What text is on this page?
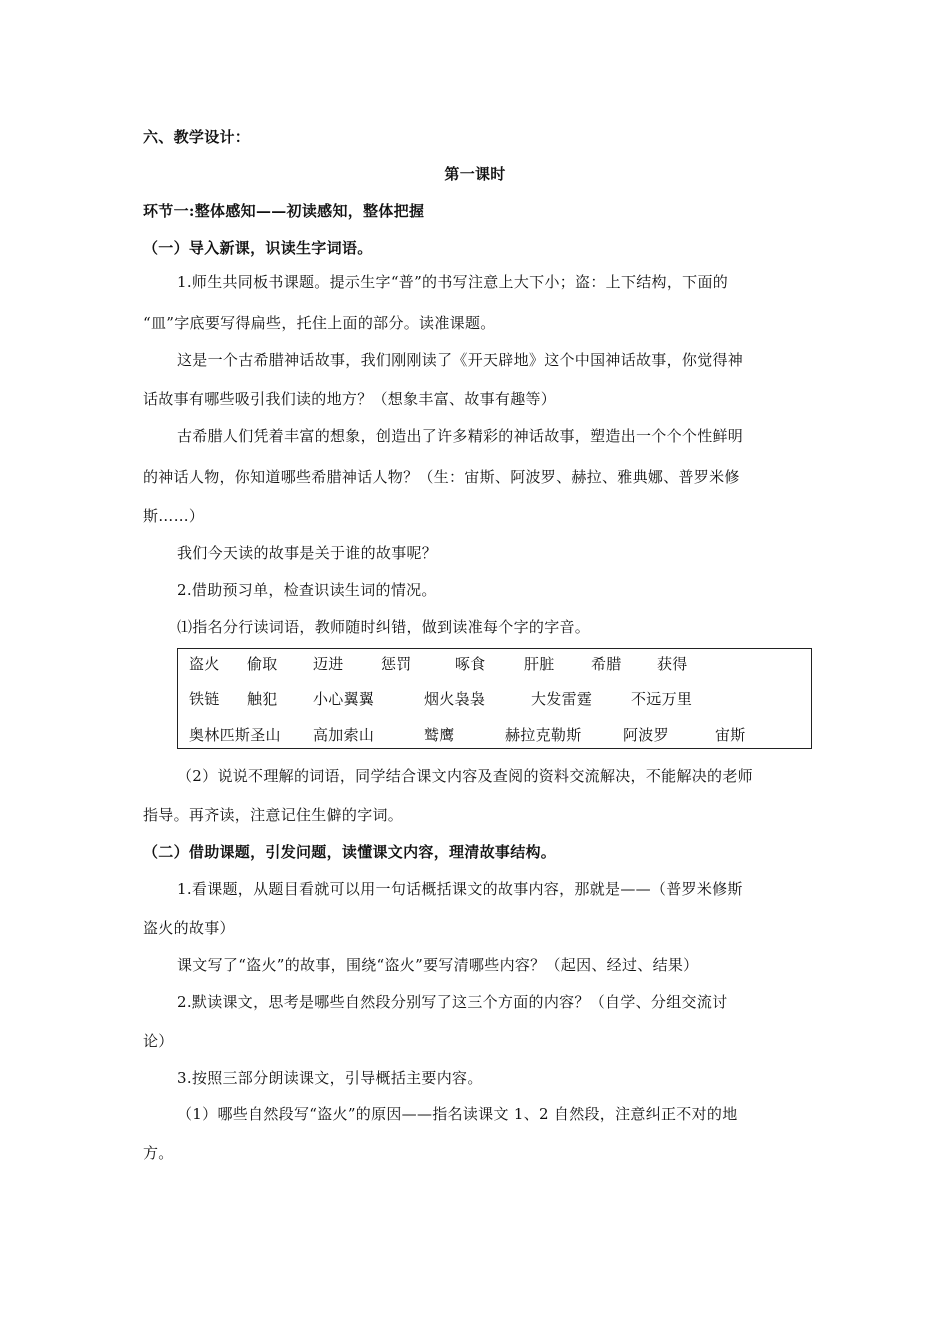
六、教学设计：
第一课时
环节一:整体感知——初读感知，整体把握
（一）导入新课，识读生字词语。
1.师生共同板书课题。提示生字“普”的书写注意上大下小；盗：上下结构，下面的
“皿”字底要写得扁些，托住上面的部分。读准课题。
这是一个古希腊神话故事，我们刚刚读了《开天辟地》这个中国神话故事，你觉得神
话故事有哪些吸引我们读的地方？（想象丰富、故事有趣等）
古希腊人们凭着丰富的想象，创造出了许多精彩的神话故事，塑造出一个个个性鲜明
的神话人物，你知道哪些希腊神话人物？（生：宙斯、阿波罗、赫拉、雅典娜、普罗米修
斯……）
我们今天读的故事是关于谁的故事呢？
2.借助预习单，检查识读生词的情况。
⑴指名分行读词语，教师随时纠错，做到读准每个字的字音。
盗火 偷取 迈进 惩罚	啄食	肝脏 希腊 获得
铁链 触犯 小心翼翼	烟火袅袅	大发雷霆	不远万里
奥林匹斯圣山 高加索山	鹫鹰	赫拉克勒斯	阿波罗	宙斯
（2）说说不理解的词语，同学结合课文内容及查阅的资料交流解决，不能解决的老师
指导。再齐读，注意记住生僻的字词。
（二）借助课题，引发问题，读懂课文内容，理清故事结构。
1.看课题，从题目看就可以用一句话概括课文的故事内容，那就是——（普罗米修斯
盗火的故事）
课文写了“盗火”的故事，围绕“盗火”要写清哪些内容？（起因、经过、结果）
2.默读课文，思考是哪些自然段分别写了这三个方面的内容？（自学、分组交流讨
论）
3.按照三部分朗读课文，引导概括主要内容。
（1）哪些自然段写“盗火”的原因——指名读课文 1、2 自然段，注意纠正不对的地
方。
